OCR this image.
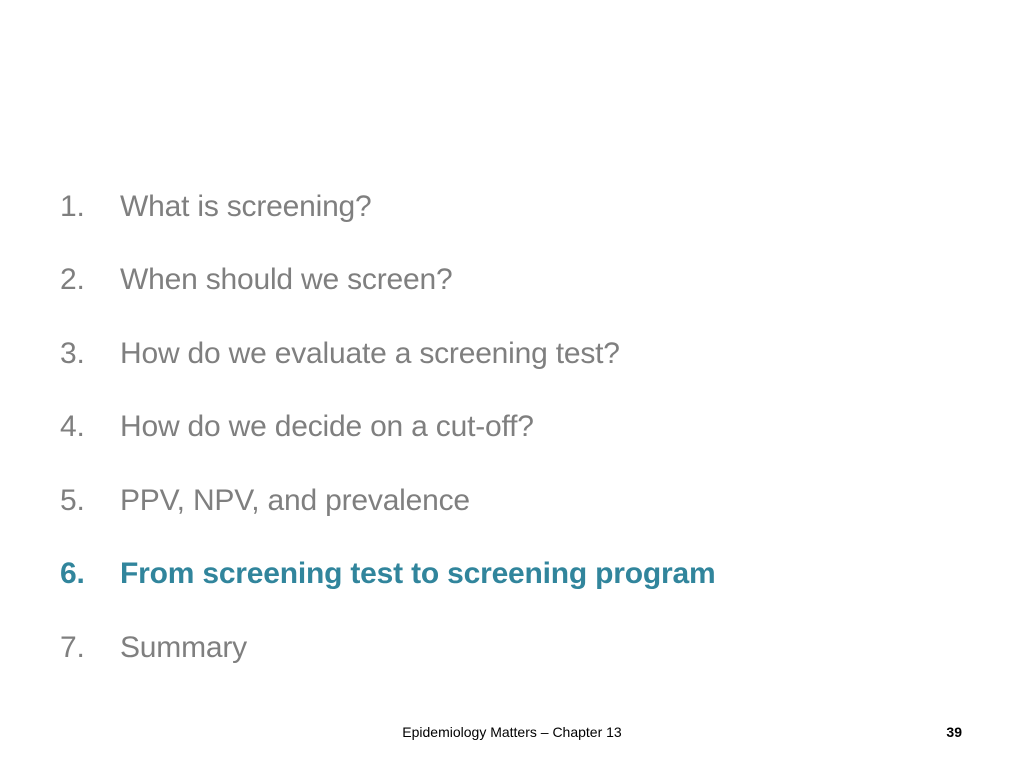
1.	What is screening?
2.	When should we screen?
3.	How do we evaluate a screening test?
4.	How do we decide on a cut-off?
5.	PPV, NPV, and prevalence
6.	From screening test to screening program
7.	Summary
Epidemiology Matters – Chapter 13	39
